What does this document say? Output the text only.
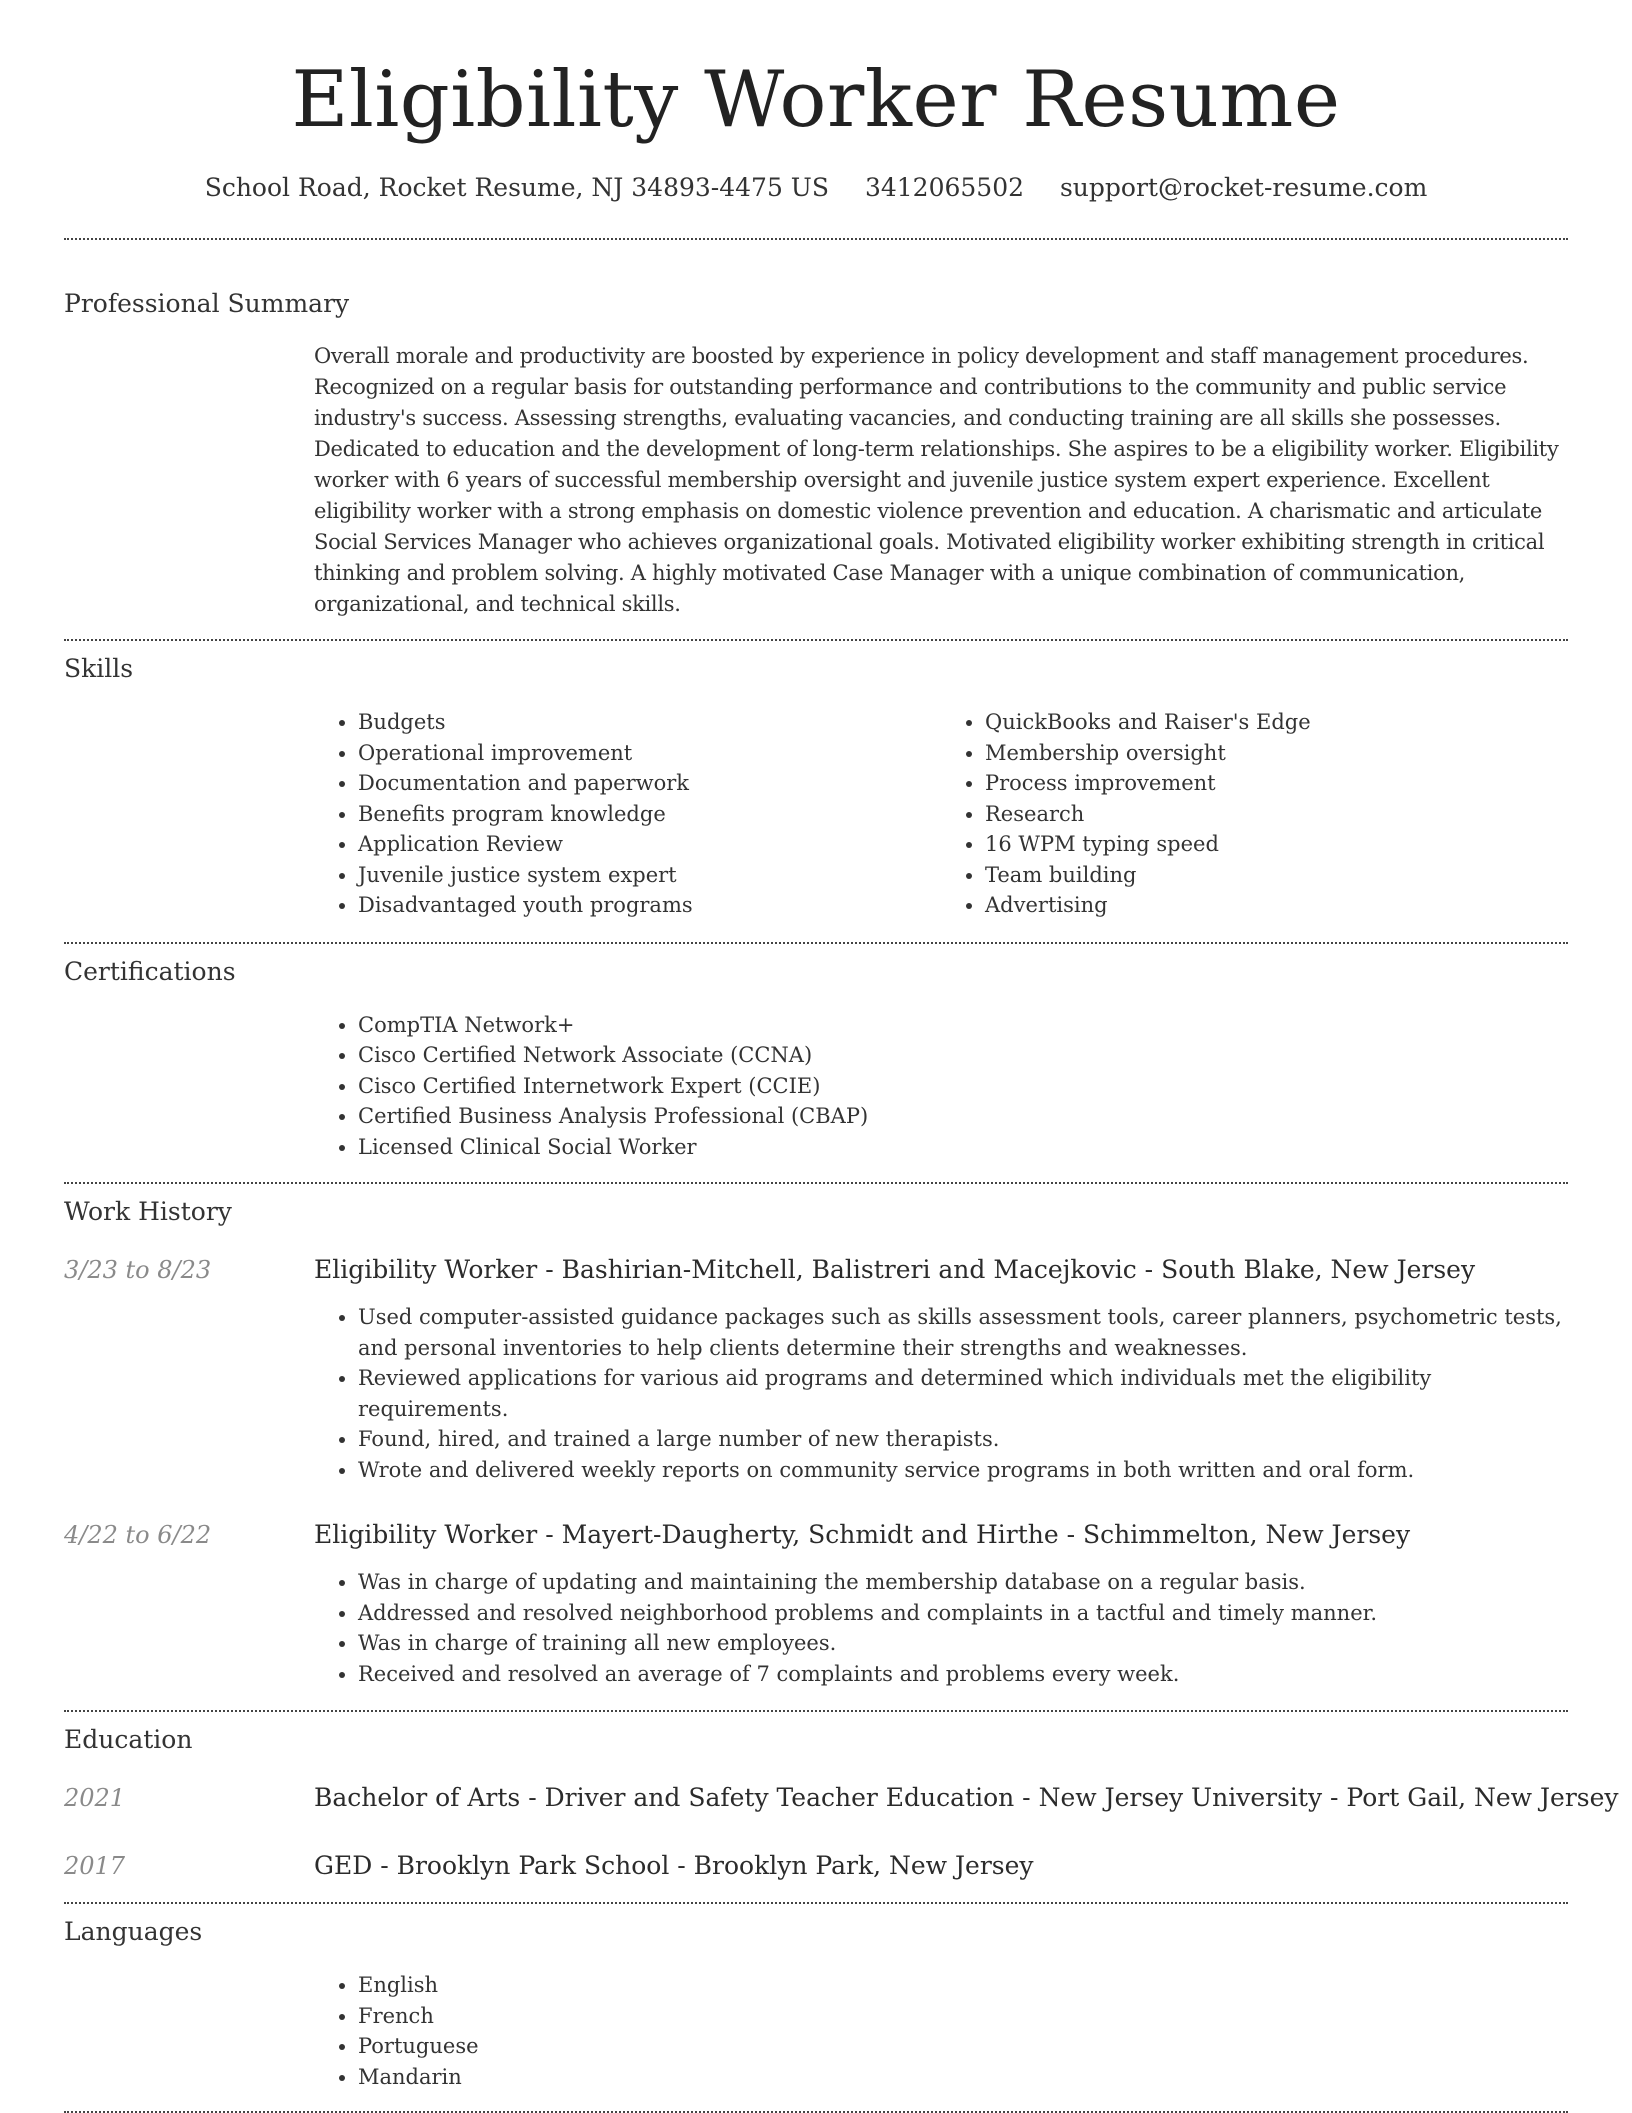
Eligibility Worker Resume
School Road, Rocket Resume, NJ 34893-4475 US 3412065502 support@rocket-resume.com
Professional Summary

Overall morale and productivity are boosted by experience in policy development and staff management procedures. Recognized on a regular basis for outstanding performance and contributions to the community and public service industry's success. Assessing strengths, evaluating vacancies, and conducting training are all skills she possesses. Dedicated to education and the development of long-term relationships. She aspires to be a eligibility worker. Eligibility worker with 6 years of successful membership oversight and juvenile justice system expert experience. Excellent eligibility worker with a strong emphasis on domestic violence prevention and education. A charismatic and articulate Social Services Manager who achieves organizational goals. Motivated eligibility worker exhibiting strength in critical thinking and problem solving. A highly motivated Case Manager with a unique combination of communication, organizational, and technical skills.

Skills
• Budgets
• Operational improvement
• Documentation and paperwork
• Benefits program knowledge
• Application Review
• Juvenile justice system expert
• Disadvantaged youth programs
• QuickBooks and Raiser's Edge
• Membership oversight
• Process improvement
• Research
• 16 WPM typing speed
• Team building
• Advertising
Certifications
• CompTIA Network+
• Cisco Certified Network Associate (CCNA)
• Cisco Certified Internetwork Expert (CCIE)
• Certified Business Analysis Professional (CBAP)
• Licensed Clinical Social Worker
Work History
3/23 to 8/23	Eligibility Worker - Bashirian-Mitchell, Balistreri and Macejkovic - South Blake, New Jersey
• Used computer-assisted guidance packages such as skills assessment tools, career planners, psychometric tests, and personal inventories to help clients determine their strengths and weaknesses.
• Reviewed applications for various aid programs and determined which individuals met the eligibility requirements.
• Found, hired, and trained a large number of new therapists.
• Wrote and delivered weekly reports on community service programs in both written and oral form.
4/22 to 6/22	Eligibility Worker - Mayert-Daugherty, Schmidt and Hirthe - Schimmelton, New Jersey
• Was in charge of updating and maintaining the membership database on a regular basis.
• Addressed and resolved neighborhood problems and complaints in a tactful and timely manner.
• Was in charge of training all new employees.
• Received and resolved an average of 7 complaints and problems every week.
Education
2021	Bachelor of Arts - Driver and Safety Teacher Education - New Jersey University - Port Gail, New Jersey
2017	GED - Brooklyn Park School - Brooklyn Park, New Jersey
Languages
• English
• French
• Portuguese
• Mandarin
